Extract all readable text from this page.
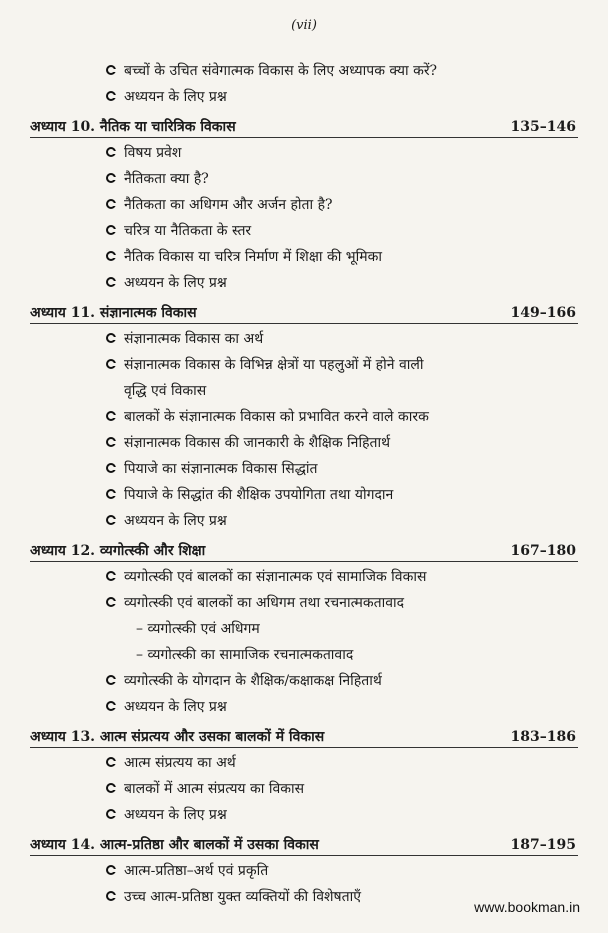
(vii)
बच्चों के उचित संवेगात्मक विकास के लिए अध्यापक क्या करें?
अध्ययन के लिए प्रश्न
अध्याय 10. नैतिक या चारित्रिक विकास	135–146
विषय प्रवेश
नैतिकता क्या है?
नैतिकता का अधिगम और अर्जन होता है?
चरित्र या नैतिकता के स्तर
नैतिक विकास या चरित्र निर्माण में शिक्षा की भूमिका
अध्ययन के लिए प्रश्न
अध्याय 11. संज्ञानात्मक विकास	149–166
संज्ञानात्मक विकास का अर्थ
संज्ञानात्मक विकास के विभिन्न क्षेत्रों या पहलुओं में होने वाली
वृद्धि एवं विकास
बालकों के संज्ञानात्मक विकास को प्रभावित करने वाले कारक
संज्ञानात्मक विकास की जानकारी के शैक्षिक निहितार्थ
पियाजे का संज्ञानात्मक विकास सिद्धांत
पियाजे के सिद्धांत की शैक्षिक उपयोगिता तथा योगदान
अध्ययन के लिए प्रश्न
अध्याय 12. व्यगोत्स्की और शिक्षा	167–180
व्यगोत्स्की एवं बालकों का संज्ञानात्मक एवं सामाजिक विकास
व्यगोत्स्की एवं बालकों का अधिगम तथा रचनात्मकतावाद
– व्यगोत्स्की एवं अधिगम
– व्यगोत्स्की का सामाजिक रचनात्मकतावाद
व्यगोत्स्की के योगदान के शैक्षिक/कक्षाकक्ष निहितार्थ
अध्ययन के लिए प्रश्न
अध्याय 13. आत्म संप्रत्यय और उसका बालकों में विकास	183–186
आत्म संप्रत्यय का अर्थ
बालकों में आत्म संप्रत्यय का विकास
अध्ययन के लिए प्रश्न
अध्याय 14. आत्म-प्रतिष्ठा और बालकों में उसका विकास	187–195
आत्म-प्रतिष्ठा–अर्थ एवं प्रकृति
उच्च आत्म-प्रतिष्ठा युक्त व्यक्तियों की विशेषताएँ
www.bookman.in
